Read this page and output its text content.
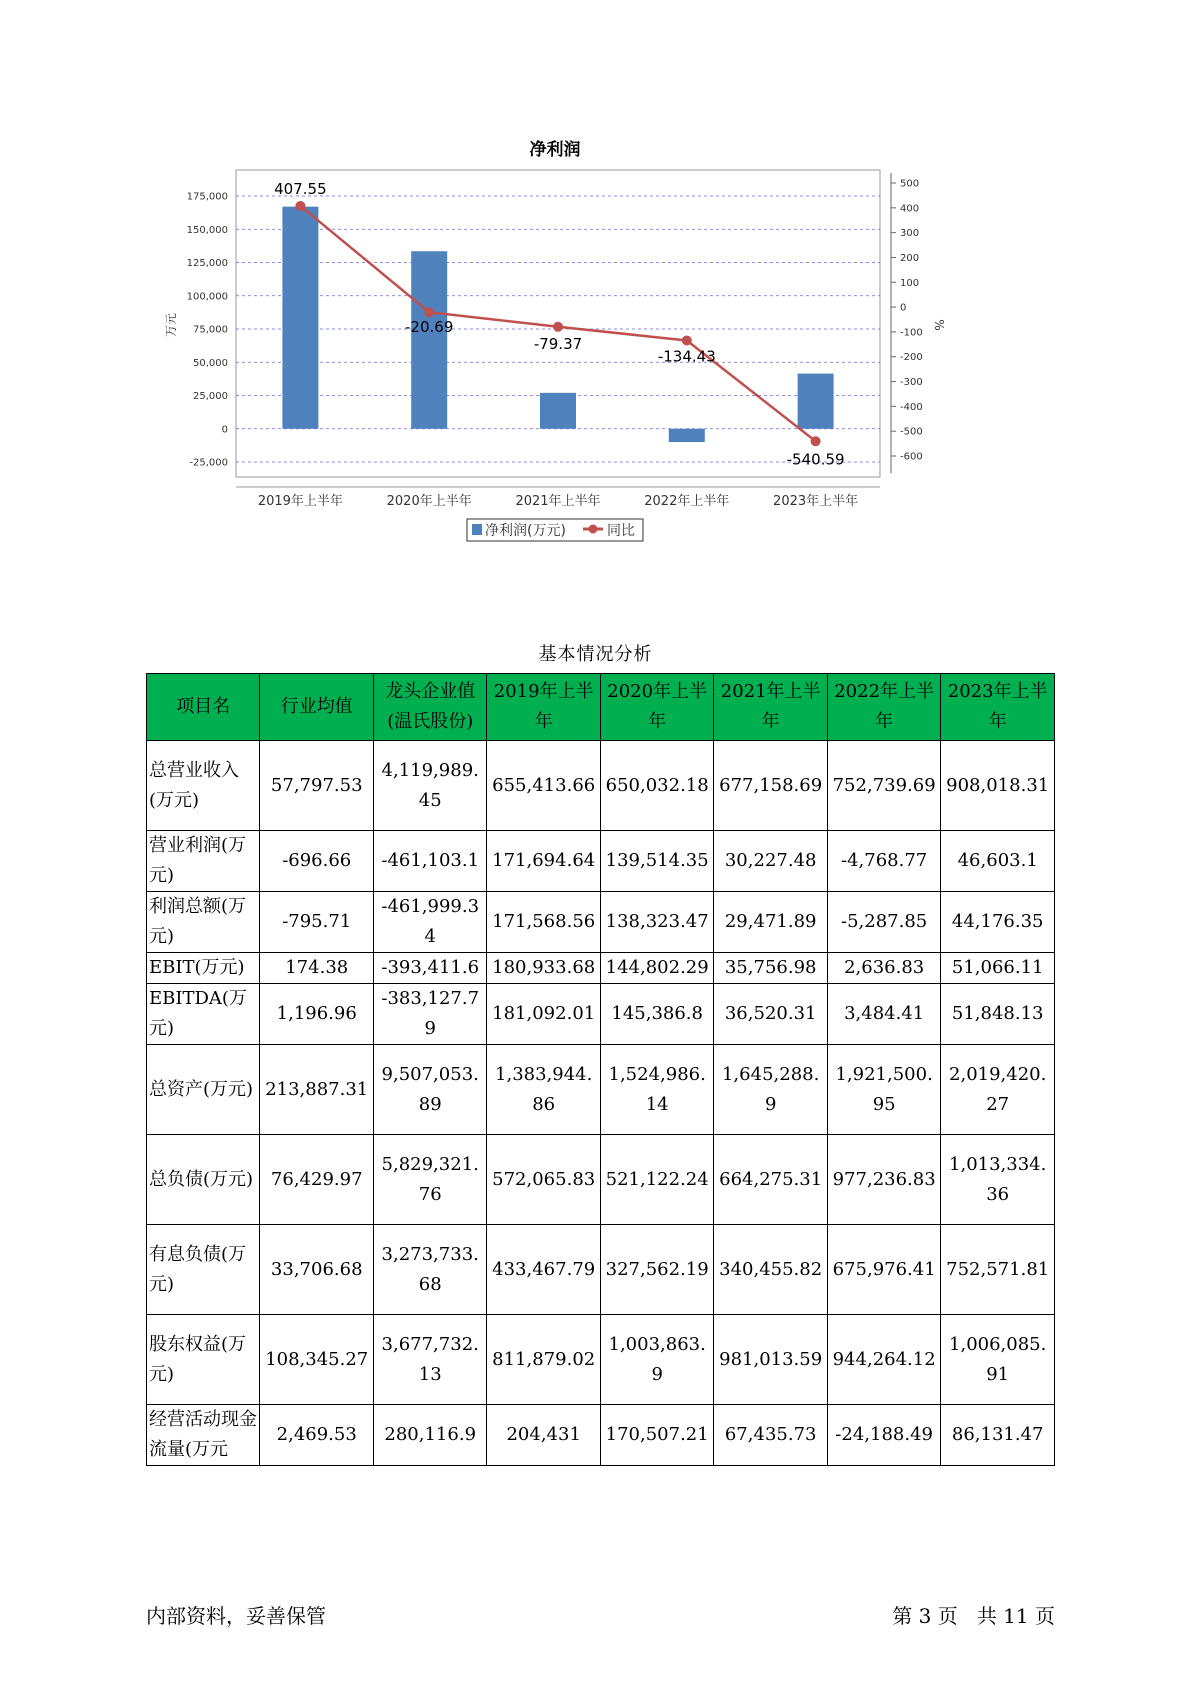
净利润
175,000
150,000
125,000
100,000
75,000
50,000
25,000
0
-25,000
500
400
300
200
100
0
-100
-200
-300
-400
-500
-600
万元	%
407.55
-20.69
-79.37
-134.43
-540.59
2019年上半年	2020年上半年	2021年上半年	2022年上半年	2023年上半年
净利润(万元)	同比
基本情况分析
项目名	行业均值	龙头企业值(温氏股份)	2019年上半年	2020年上半年	2021年上半年	2022年上半年	2023年上半年
总营业收入(万元)	57,797.53	4,119,989.45	655,413.66	650,032.18	677,158.69	752,739.69	908,018.31
营业利润(万元)	-696.66	-461,103.1	171,694.64	139,514.35	30,227.48	-4,768.77	46,603.1
利润总额(万元)	-795.71	-461,999.34	171,568.56	138,323.47	29,471.89	-5,287.85	44,176.35
EBIT(万元)	174.38	-393,411.6	180,933.68	144,802.29	35,756.98	2,636.83	51,066.11
EBITDA(万元)	1,196.96	-383,127.79	181,092.01	145,386.8	36,520.31	3,484.41	51,848.13
总资产(万元)	213,887.31	9,507,053.89	1,383,944.86	1,524,986.14	1,645,288.9	1,921,500.95	2,019,420.27
总负债(万元)	76,429.97	5,829,321.76	572,065.83	521,122.24	664,275.31	977,236.83	1,013,334.36
有息负债(万元)	33,706.68	3,273,733.68	433,467.79	327,562.19	340,455.82	675,976.41	752,571.81
股东权益(万元)	108,345.27	3,677,732.13	811,879.02	1,003,863.9	981,013.59	944,264.12	1,006,085.91
经营活动现金流量(万元	2,469.53	280,116.9	204,431	170,507.21	67,435.73	-24,188.49	86,131.47
内部资料，妥善保管	第 3 页   共 11 页
